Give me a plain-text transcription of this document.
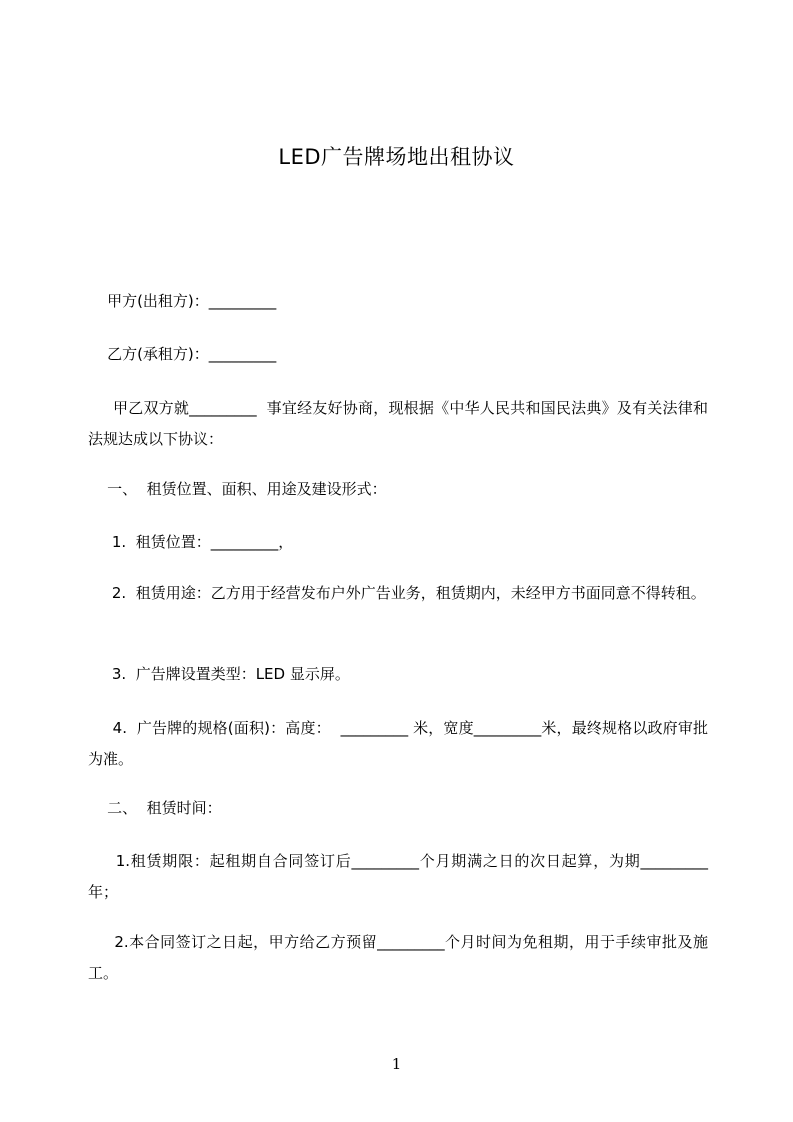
LED广告牌场地出租协议

甲方(出租方)：_________

乙方(承租方)：_________

甲乙双方就_________  事宜经友好协商，现根据《中华人民共和国民法典》及有关法律和法规达成以下协议：

一、  租赁位置、面积、用途及建设形式：

1.  租赁位置：_________，

2.  租赁用途：乙方用于经营发布户外广告业务，租赁期内，未经甲方书面同意不得转租。

3.  广告牌设置类型：LED 显示屏。

4.  广告牌的规格(面积)：高度：  _________ 米，宽度_________米，最终规格以政府审批为准。

二、  租赁时间：

1.租赁期限：起租期自合同签订后_________个月期满之日的次日起算，为期_________年；

2.本合同签订之日起，甲方给乙方预留_________个月时间为免租期，用于手续审批及施工。

1
